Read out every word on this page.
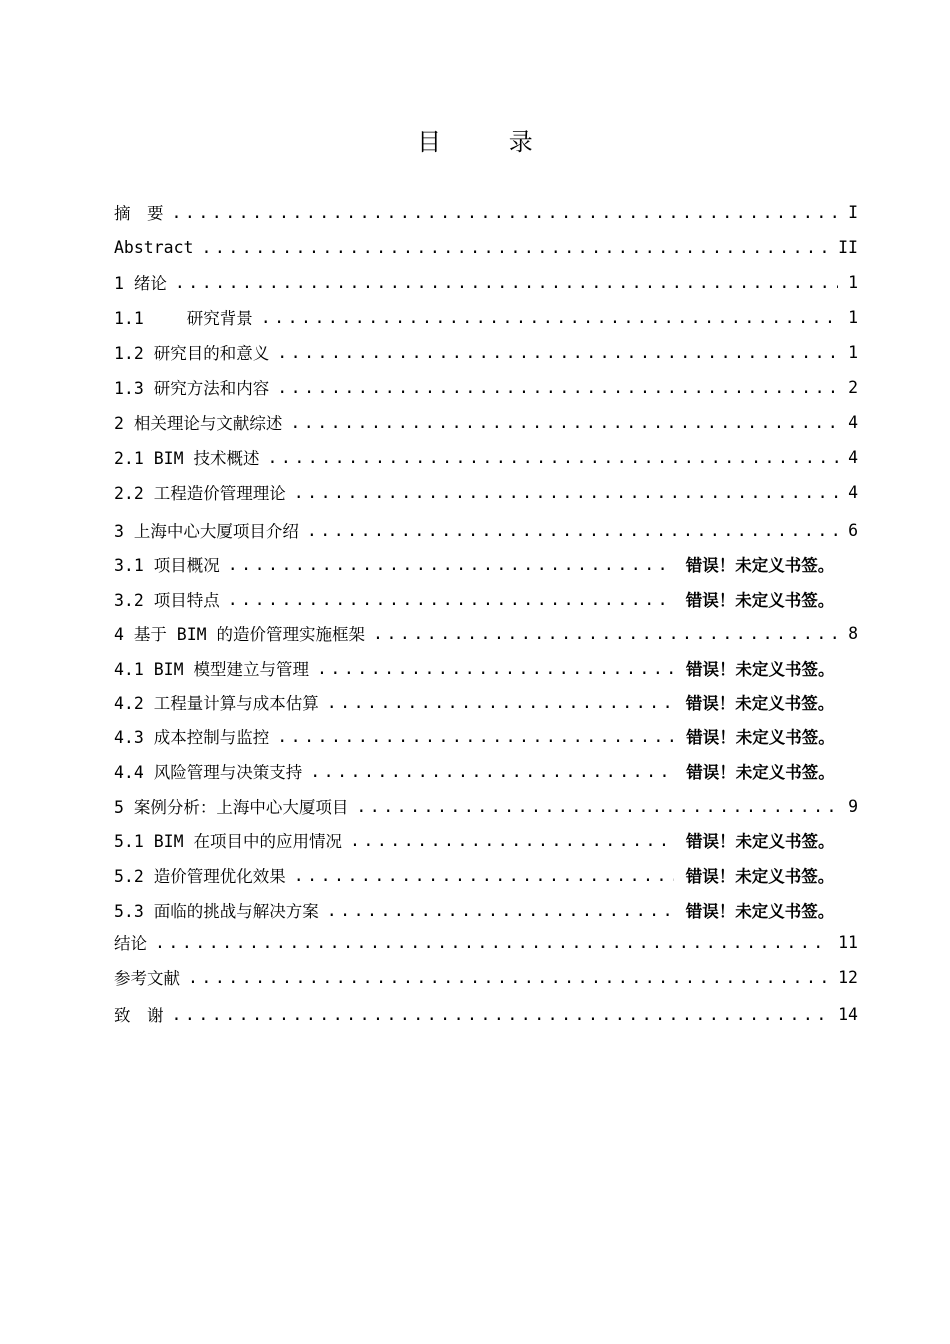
目 录
摘　要 .....	I
Abstract .....	II
1 绪论 .....	1
1.1　　 研究背景 .....	1
1.2 研究目的和意义 .....	1
1.3 研究方法和内容 .....	2
2 相关理论与文献综述 .....	4
2.1 BIM 技术概述 .....	4
2.2 工程造价管理理论 .....	4
3 上海中心大厦项目介绍 .....	6
3.1 项目概况 .....	错误！未定义书签。
3.2 项目特点 .....	错误！未定义书签。
4 基于 BIM 的造价管理实施框架 .....	8
4.1 BIM 模型建立与管理 .....	错误！未定义书签。
4.2 工程量计算与成本估算 .....	错误！未定义书签。
4.3 成本控制与监控 .....	错误！未定义书签。
4.4 风险管理与决策支持 .....	错误！未定义书签。
5 案例分析：上海中心大厦项目 .....	9
5.1 BIM 在项目中的应用情况 .....	错误！未定义书签。
5.2 造价管理优化效果 .....	错误！未定义书签。
5.3 面临的挑战与解决方案 .....	错误！未定义书签。
结论 .....	11
参考文献 .....	12
致　谢 .....	14
